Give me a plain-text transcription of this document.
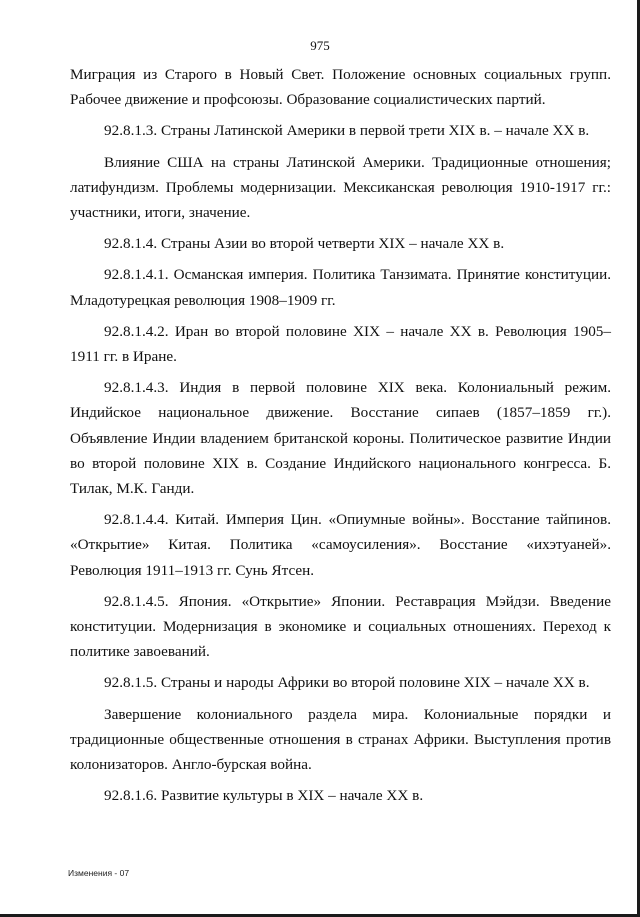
975

Миграция из Старого в Новый Свет. Положение основных социальных групп. Рабочее движение и профсоюзы. Образование социалистических партий.

92.8.1.3. Страны Латинской Америки в первой трети XIX в. – начале XX в.

Влияние США на страны Латинской Америки. Традиционные отношения; латифундизм. Проблемы модернизации. Мексиканская революция 1910-1917 гг.: участники, итоги, значение.

92.8.1.4. Страны Азии во второй четверти XIX – начале XX в.

92.8.1.4.1. Османская империя. Политика Танзимата. Принятие конституции. Младотурецкая революция 1908–1909 гг.

92.8.1.4.2. Иран во второй половине XIX – начале XX в. Революция 1905–1911 гг. в Иране.

92.8.1.4.3. Индия в первой половине XIX века. Колониальный режим. Индийское национальное движение. Восстание сипаев (1857–1859 гг.). Объявление Индии владением британской короны. Политическое развитие Индии во второй половине XIX в. Создание Индийского национального конгресса. Б. Тилак, М.К. Ганди.

92.8.1.4.4. Китай. Империя Цин. «Опиумные войны». Восстание тайпинов. «Открытие» Китая. Политика «самоусиления». Восстание «ихэтуаней». Революция 1911–1913 гг. Сунь Ятсен.

92.8.1.4.5. Япония. «Открытие» Японии. Реставрация Мэйдзи. Введение конституции. Модернизация в экономике и социальных отношениях. Переход к политике завоеваний.

92.8.1.5. Страны и народы Африки во второй половине XIX – начале XX в.

Завершение колониального раздела мира. Колониальные порядки и традиционные общественные отношения в странах Африки. Выступления против колонизаторов. Англо-бурская война.

92.8.1.6. Развитие культуры в XIX – начале XX в.

Изменения - 07
